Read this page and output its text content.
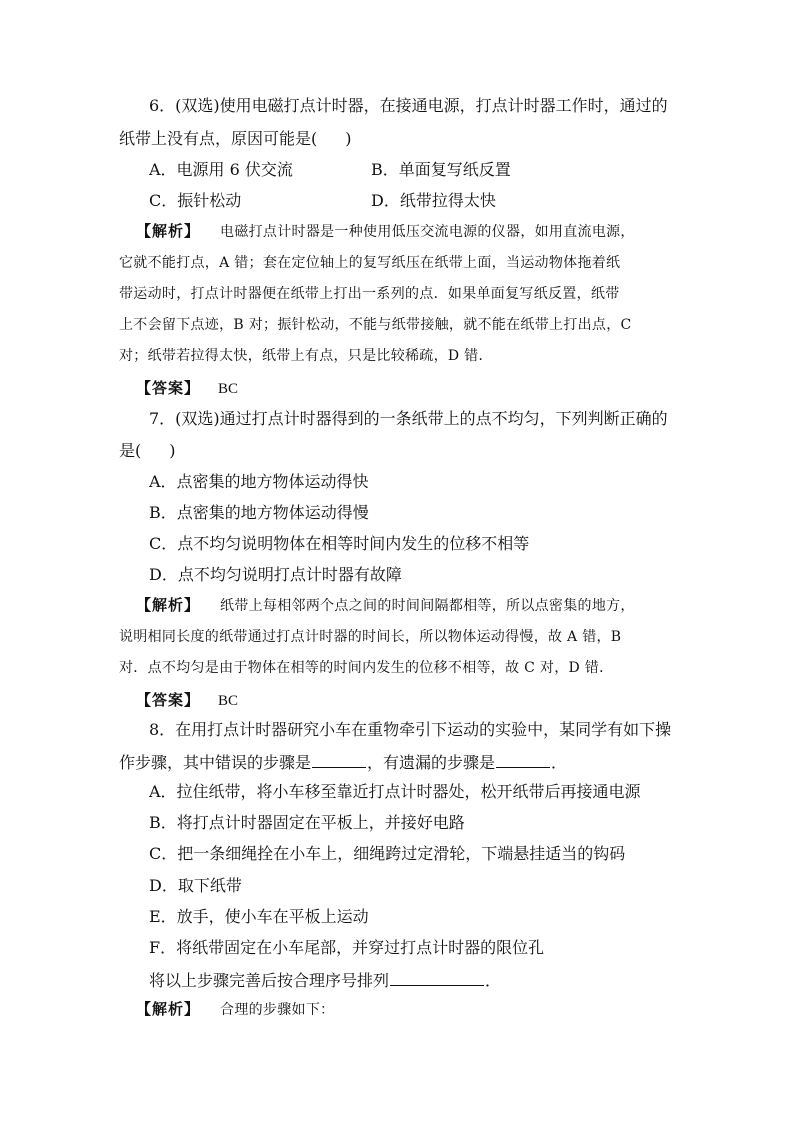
6．(双选)使用电磁打点计时器，在接通电源，打点计时器工作时，通过的
纸带上没有点，原因可能是( )
A．电源用 6 伏交流	B．单面复写纸反置
C．振针松动	D．纸带拉得太快
【解析】 电磁打点计时器是一种使用低压交流电源的仪器，如用直流电源，
它就不能打点，A 错；套在定位轴上的复写纸压在纸带上面，当运动物体拖着纸
带运动时，打点计时器便在纸带上打出一系列的点．如果单面复写纸反置，纸带
上不会留下点迹，B 对；振针松动，不能与纸带接触，就不能在纸带上打出点，C
对；纸带若拉得太快，纸带上有点，只是比较稀疏，D 错．
【答案】 BC
7．(双选)通过打点计时器得到的一条纸带上的点不均匀，下列判断正确的
是( )
A．点密集的地方物体运动得快
B．点密集的地方物体运动得慢
C．点不均匀说明物体在相等时间内发生的位移不相等
D．点不均匀说明打点计时器有故障
【解析】 纸带上每相邻两个点之间的时间间隔都相等，所以点密集的地方，
说明相同长度的纸带通过打点计时器的时间长，所以物体运动得慢，故 A 错，B
对．点不均匀是由于物体在相等的时间内发生的位移不相等，故 C 对，D 错．
【答案】 BC
8．在用打点计时器研究小车在重物牵引下运动的实验中，某同学有如下操
作步骤，其中错误的步骤是	，有遗漏的步骤是	．
A．拉住纸带，将小车移至靠近打点计时器处，松开纸带后再接通电源
B．将打点计时器固定在平板上，并接好电路
C．把一条细绳拴在小车上，细绳跨过定滑轮，下端悬挂适当的钩码
D．取下纸带
E．放手，使小车在平板上运动
F．将纸带固定在小车尾部，并穿过打点计时器的限位孔
将以上步骤完善后按合理序号排列	．
【解析】 合理的步骤如下：
